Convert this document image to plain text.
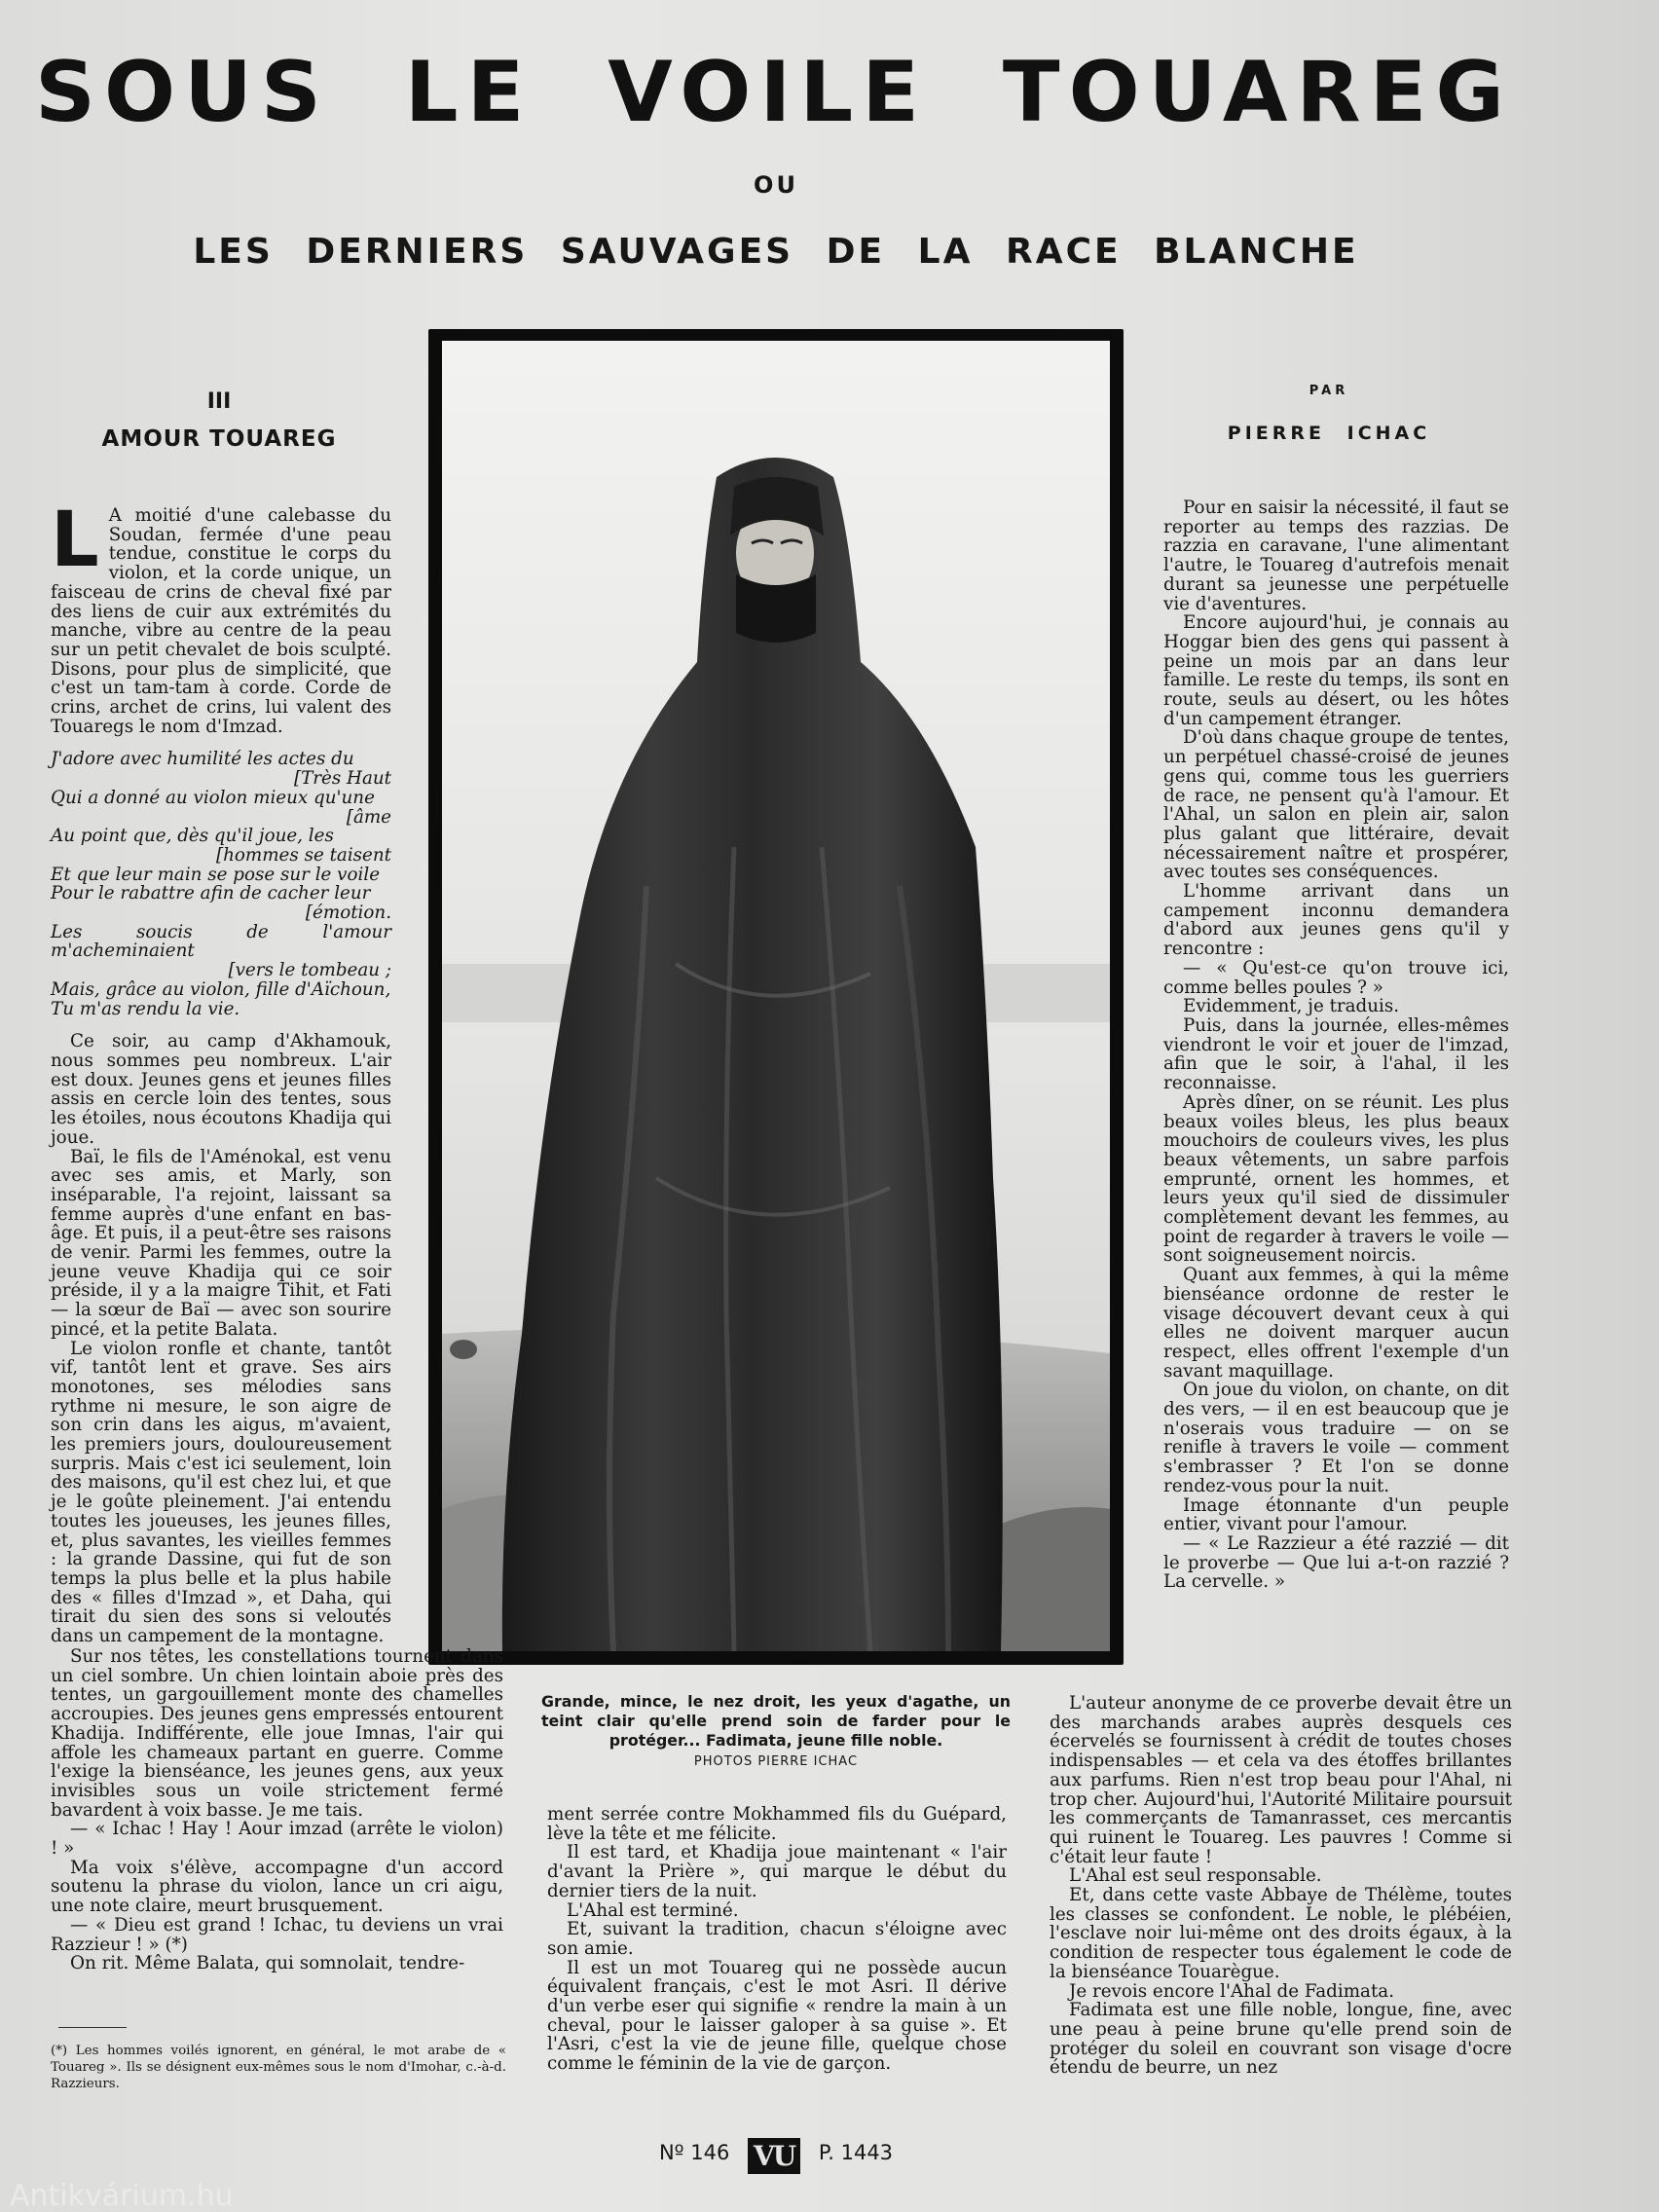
SOUS LE VOILE TOUAREG
OU
LES DERNIERS SAUVAGES DE LA RACE BLANCHE
III
AMOUR TOUAREG
PAR
PIERRE ICHAC

L A moitié d'une calebasse du Soudan, fermée d'une peau tendue, constitue le corps du violon, et la corde unique, un faisceau de crins de cheval fixé par des liens de cuir aux extrémités du manche, vibre au centre de la peau sur un petit chevalet de bois sculpté. Disons, pour plus de simplicité, que c'est un tam-tam à corde. Corde de crins, archet de crins, lui valent des Touaregs le nom d'Imzad.

J'adore avec humilité les actes du

[Très Haut

Qui a donné au violon mieux qu'une

[âme

Au point que, dès qu'il joue, les

[hommes se taisent

Et que leur main se pose sur le voile

Pour le rabattre afin de cacher leur

[émotion.

Les soucis de l'amour m'acheminaient

[vers le tombeau ;

Mais, grâce au violon, fille d'Aïchoun,

Tu m'as rendu la vie.

Ce soir, au camp d'Akhamouk, nous sommes peu nombreux. L'air est doux. Jeunes gens et jeunes filles assis en cercle loin des tentes, sous les étoiles, nous écoutons Khadija qui joue.

Baï, le fils de l'Aménokal, est venu avec ses amis, et Marly, son inséparable, l'a rejoint, laissant sa femme auprès d'une enfant en bas-âge. Et puis, il a peut-être ses raisons de venir. Parmi les femmes, outre la jeune veuve Khadija qui ce soir préside, il y a la maigre Tihit, et Fati — la sœur de Baï — avec son sourire pincé, et la petite Balata.

Le violon ronfle et chante, tantôt vif, tantôt lent et grave. Ses airs monotones, ses mélodies sans rythme ni mesure, le son aigre de son crin dans les aigus, m'avaient, les premiers jours, douloureusement surpris. Mais c'est ici seulement, loin des maisons, qu'il est chez lui, et que je le goûte pleinement. J'ai entendu toutes les joueuses, les jeunes filles, et, plus savantes, les vieilles femmes : la grande Dassine, qui fut de son temps la plus belle et la plus habile des « filles d'Imzad », et Daha, qui tirait du sien des sons si veloutés dans un campement de la montagne.

Sur nos têtes, les constellations tournent dans un ciel sombre. Un chien lointain aboie près des tentes, un gargouillement monte des chamelles accroupies. Des jeunes gens empressés entourent Khadija. Indifférente, elle joue Imnas, l'air qui affole les chameaux partant en guerre. Comme l'exige la bienséance, les jeunes gens, aux yeux invisibles sous un voile strictement fermé bavardent à voix basse. Je me tais.

— « Ichac ! Hay ! Aour imzad (arrête le violon) ! »

Ma voix s'élève, accompagne d'un accord soutenu la phrase du violon, lance un cri aigu, une note claire, meurt brusquement.

— « Dieu est grand ! Ichac, tu deviens un vrai Razzieur ! » (*)

On rit. Même Balata, qui somnolait, tendre-

Grande, mince, le nez droit, les yeux d'agathe, un teint clair qu'elle prend soin de farder pour le protéger... Fadimata, jeune fille noble.
PHOTOS PIERRE ICHAC

ment serrée contre Mokhammed fils du Guépard, lève la tête et me félicite.

Il est tard, et Khadija joue maintenant « l'air d'avant la Prière », qui marque le début du dernier tiers de la nuit.

L'Ahal est terminé.

Et, suivant la tradition, chacun s'éloigne avec son amie.

Il est un mot Touareg qui ne possède aucun équivalent français, c'est le mot Asri. Il dérive d'un verbe eser qui signifie « rendre la main à un cheval, pour le laisser galoper à sa guise ». Et l'Asri, c'est la vie de jeune fille, quelque chose comme le féminin de la vie de garçon.

Pour en saisir la nécessité, il faut se reporter au temps des razzias. De razzia en caravane, l'une alimentant l'autre, le Touareg d'autrefois menait durant sa jeunesse une perpétuelle vie d'aventures.

Encore aujourd'hui, je connais au Hoggar bien des gens qui passent à peine un mois par an dans leur famille. Le reste du temps, ils sont en route, seuls au désert, ou les hôtes d'un campement étranger.

D'où dans chaque groupe de tentes, un perpétuel chassé-croisé de jeunes gens qui, comme tous les guerriers de race, ne pensent qu'à l'amour. Et l'Ahal, un salon en plein air, salon plus galant que littéraire, devait nécessairement naître et prospérer, avec toutes ses conséquences.

L'homme arrivant dans un campement inconnu demandera d'abord aux jeunes gens qu'il y rencontre :

— « Qu'est-ce qu'on trouve ici, comme belles poules ? »

Evidemment, je traduis.

Puis, dans la journée, elles-mêmes viendront le voir et jouer de l'imzad, afin que le soir, à l'ahal, il les reconnaisse.

Après dîner, on se réunit. Les plus beaux voiles bleus, les plus beaux mouchoirs de couleurs vives, les plus beaux vêtements, un sabre parfois emprunté, ornent les hommes, et leurs yeux qu'il sied de dissimuler complètement devant les femmes, au point de regarder à travers le voile — sont soigneusement noircis.

Quant aux femmes, à qui la même bienséance ordonne de rester le visage découvert devant ceux à qui elles ne doivent marquer aucun respect, elles offrent l'exemple d'un savant maquillage.

On joue du violon, on chante, on dit des vers, — il en est beaucoup que je n'oserais vous traduire — on se renifle à travers le voile — comment s'embrasser ? Et l'on se donne rendez-vous pour la nuit.

Image étonnante d'un peuple entier, vivant pour l'amour.

— « Le Razzieur a été razzié — dit le proverbe — Que lui a-t-on razzié ? La cervelle. »

L'auteur anonyme de ce proverbe devait être un des marchands arabes auprès desquels ces écervelés se fournissent à crédit de toutes choses indispensables — et cela va des étoffes brillantes aux parfums. Rien n'est trop beau pour l'Ahal, ni trop cher. Aujourd'hui, l'Autorité Militaire poursuit les commerçants de Tamanrasset, ces mercantis qui ruinent le Touareg. Les pauvres ! Comme si c'était leur faute !

L'Ahal est seul responsable.

Et, dans cette vaste Abbaye de Thélème, toutes les classes se confondent. Le noble, le plébéien, l'esclave noir lui-même ont des droits égaux, à la condition de respecter tous également le code de la bienséance Touarègue.

Je revois encore l'Ahal de Fadimata.

Fadimata est une fille noble, longue, fine, avec une peau à peine brune qu'elle prend soin de protéger du soleil en couvrant son visage d'ocre étendu de beurre, un nez

(*) Les hommes voilés ignorent, en général, le mot arabe de « Touareg ». Ils se désignent eux-mêmes sous le nom d'Imohar, c.-à-d. Razzieurs.
Nº 146 VU P. 1443
Antikvárium.hu
